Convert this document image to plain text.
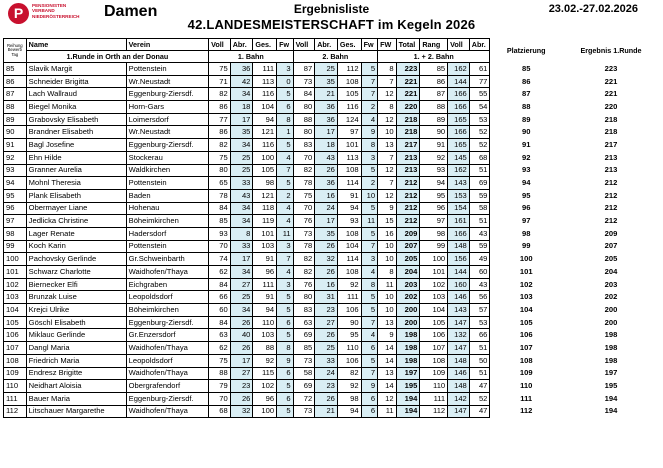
P	PENSIONISTEN
VERBAND
NIEDERÖSTERREICH	Damen	Ergebnisliste
42.LANDESMEISTERSCHAFT im Kegeln 2026
23.02.-27.02.2026
Reihung Bewerb Tag	Name	Verein	Voll	Abr.	Ges.	Fw	Voll	Abr.	Ges.	Fw	FW	Total	Rang	Voll	Abr.	Platzierung	Ergebnis 1.Runde
	1.Runde in Orth an der Donau		1. Bahn				2. Bahn				1. + 2. Bahn						
85	Slavik Margit	Pottenstein	75	36	111	3	87	25	112	5	8	223	85	162	61	85	223
86	Schneider Brigitta	Wr.Neustadt	71	42	113	0	73	35	108	7	7	221	86	144	77	86	221
87	Lach Wallraud	Eggenburg-Ziersdf.	82	34	116	5	84	21	105	7	12	221	87	166	55	87	221
88	Biegel Monika	Horn-Gars	86	18	104	6	80	36	116	2	8	220	88	166	54	88	220
89	Grabovsky Elisabeth	Loimersdorf	77	17	94	8	88	36	124	4	12	218	89	165	53	89	218
90	Brandner Elisabeth	Wr.Neustadt	86	35	121	1	80	17	97	9	10	218	90	166	52	90	218
91	Bagl Josefine	Eggenburg-Ziersdf.	82	34	116	5	83	18	101	8	13	217	91	165	52	91	217
92	Ehn Hilde	Stockerau	75	25	100	4	70	43	113	3	7	213	92	145	68	92	213
93	Granner Aurelia	Waldkirchen	80	25	105	7	82	26	108	5	12	213	93	162	51	93	213
94	Mohnl Theresia	Pottenstein	65	33	98	5	78	36	114	2	7	212	94	143	69	94	212
95	Plank Elisabeth	Baden	78	43	121	2	75	16	91	10	12	212	95	153	59	95	212
96	Obermayer Liane	Hohenau	84	34	118	4	70	24	94	5	9	212	96	154	58	96	212
97	Jedlicka Christine	Böheimkirchen	85	34	119	4	76	17	93	11	15	212	97	161	51	97	212
98	Lager Renate	Hadersdorf	93	8	101	11	73	35	108	5	16	209	98	166	43	98	209
99	Koch Karin	Pottenstein	70	33	103	3	78	26	104	7	10	207	99	148	59	99	207
100	Pachovsky Gerlinde	Gr.Schweinbarth	74	17	91	7	82	32	114	3	10	205	100	156	49	100	205
101	Schwarz Charlotte	Waidhofen/Thaya	62	34	96	4	82	26	108	4	8	204	101	144	60	101	204
102	Biernecker Elfi	Eichgraben	84	27	111	3	76	16	92	8	11	203	102	160	43	102	203
103	Brunzak Luise	Leopoldsdorf	66	25	91	5	80	31	111	5	10	202	103	146	56	103	202
104	Krejci Ulrike	Böheimkirchen	60	34	94	5	83	23	106	5	10	200	104	143	57	104	200
105	Göschl Elisabeth	Eggenburg-Ziersdf.	84	26	110	6	63	27	90	7	13	200	105	147	53	105	200
106	Miklauc Gerlinde	Gr.Enzersdorf	63	40	103	5	69	26	95	4	9	198	106	132	66	106	198
107	Dangl Maria	Waidhofen/Thaya	62	26	88	8	85	25	110	6	14	198	107	147	51	107	198
108	Friedrich Maria	Leopoldsdorf	75	17	92	9	73	33	106	5	14	198	108	148	50	108	198
109	Endresz Brigitte	Waidhofen/Thaya	88	27	115	6	58	24	82	7	13	197	109	146	51	109	197
110	Neidhart Aloisia	Obergrafendorf	79	23	102	5	69	23	92	9	14	195	110	148	47	110	195
111	Bauer Maria	Eggenburg-Ziersdf.	70	26	96	6	72	26	98	6	12	194	111	142	52	111	194
112	Litschauer Margarethe	Waidhofen/Thaya	68	32	100	5	73	21	94	6	11	194	112	147	47	112	194
